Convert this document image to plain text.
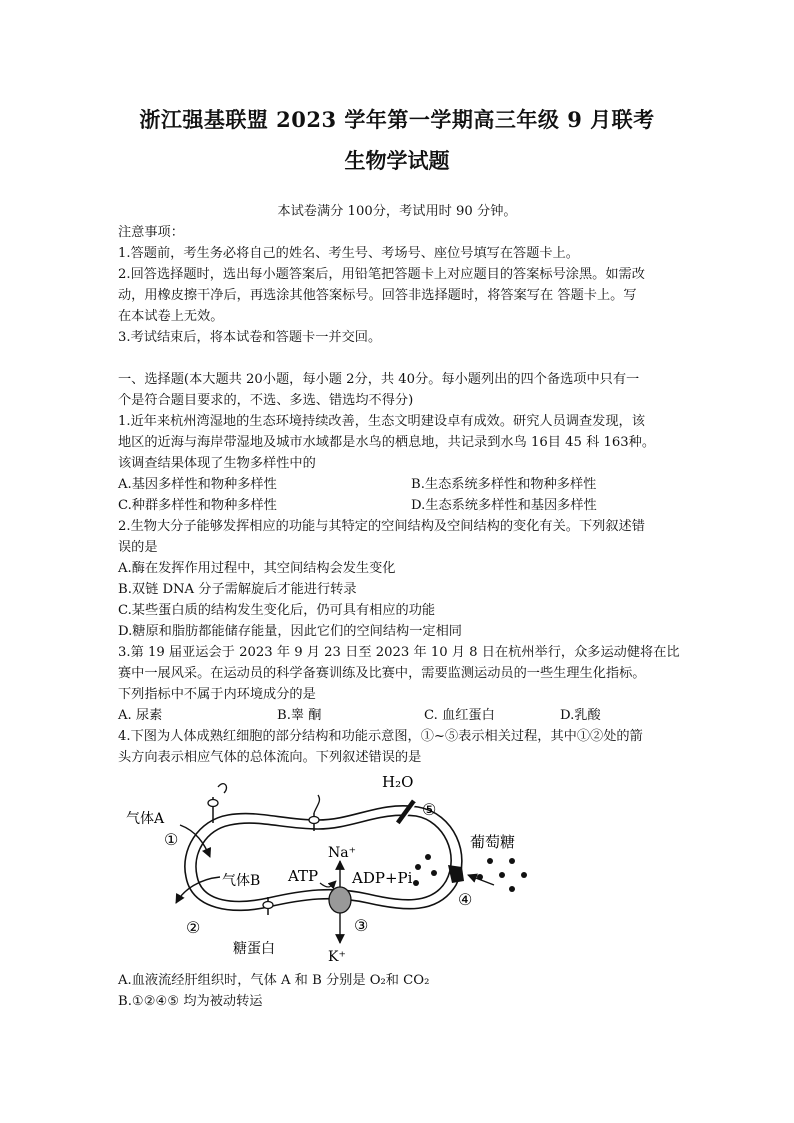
浙江强基联盟 2023 学年第一学期高三年级 9 月联考
生物学试题
本试卷满分 100分，考试用时 90 分钟。
注意事项：
1.答题前，考生务必将自己的姓名、考生号、考场号、座位号填写在答题卡上。
2.回答选择题时，选出每小题答案后，用铅笔把答题卡上对应题目的答案标号涂黑。如需改
动，用橡皮擦干净后，再选涂其他答案标号。回答非选择题时，将答案写在 答题卡上。写
在本试卷上无效。
3.考试结束后，将本试卷和答题卡一并交回。
一、选择题(本大题共 20小题，每小题 2分，共 40分。每小题列出的四个备选项中只有一
个是符合题目要求的，不选、多选、错选均不得分)
1.近年来杭州湾湿地的生态环境持续改善，生态文明建设卓有成效。研究人员调查发现，该
地区的近海与海岸带湿地及城市水域都是水鸟的栖息地，共记录到水鸟 16目 45 科 163种。
该调查结果体现了生物多样性中的
A.基因多样性和物种多样性	B.生态系统多样性和物种多样性
C.种群多样性和物种多样性	D.生态系统多样性和基因多样性
2.生物大分子能够发挥相应的功能与其特定的空间结构及空间结构的变化有关。下列叙述错
误的是
A.酶在发挥作用过程中，其空间结构会发生变化
B.双链 DNA 分子需解旋后才能进行转录
C.某些蛋白质的结构发生变化后，仍可具有相应的功能
D.糖原和脂肪都能储存能量，因此它们的空间结构一定相同
3.第 19 届亚运会于 2023 年 9 月 23 日至 2023 年 10 月 8 日在杭州举行，众多运动健将在比
赛中一展风采。在运动员的科学备赛训练及比赛中，需要监测运动员的一些生理生化指标。
下列指标中不属于内环境成分的是
A. 尿素	B.睾 酮	C. 血红蛋白	D.乳酸
4.下图为人体成熟红细胞的部分结构和功能示意图，①~⑤表示相关过程，其中①②处的箭
头方向表示相应气体的总体流向。下列叙述错误的是
糖蛋白
H₂O
⑤
气体A
①
气体B
②
Na⁺
K⁺
ATP ADP+Pi
③
④
葡萄糖
A.血液流经肝组织时，气体 A 和 B 分别是 O₂和 CO₂
B.①②④⑤ 均为被动转运
